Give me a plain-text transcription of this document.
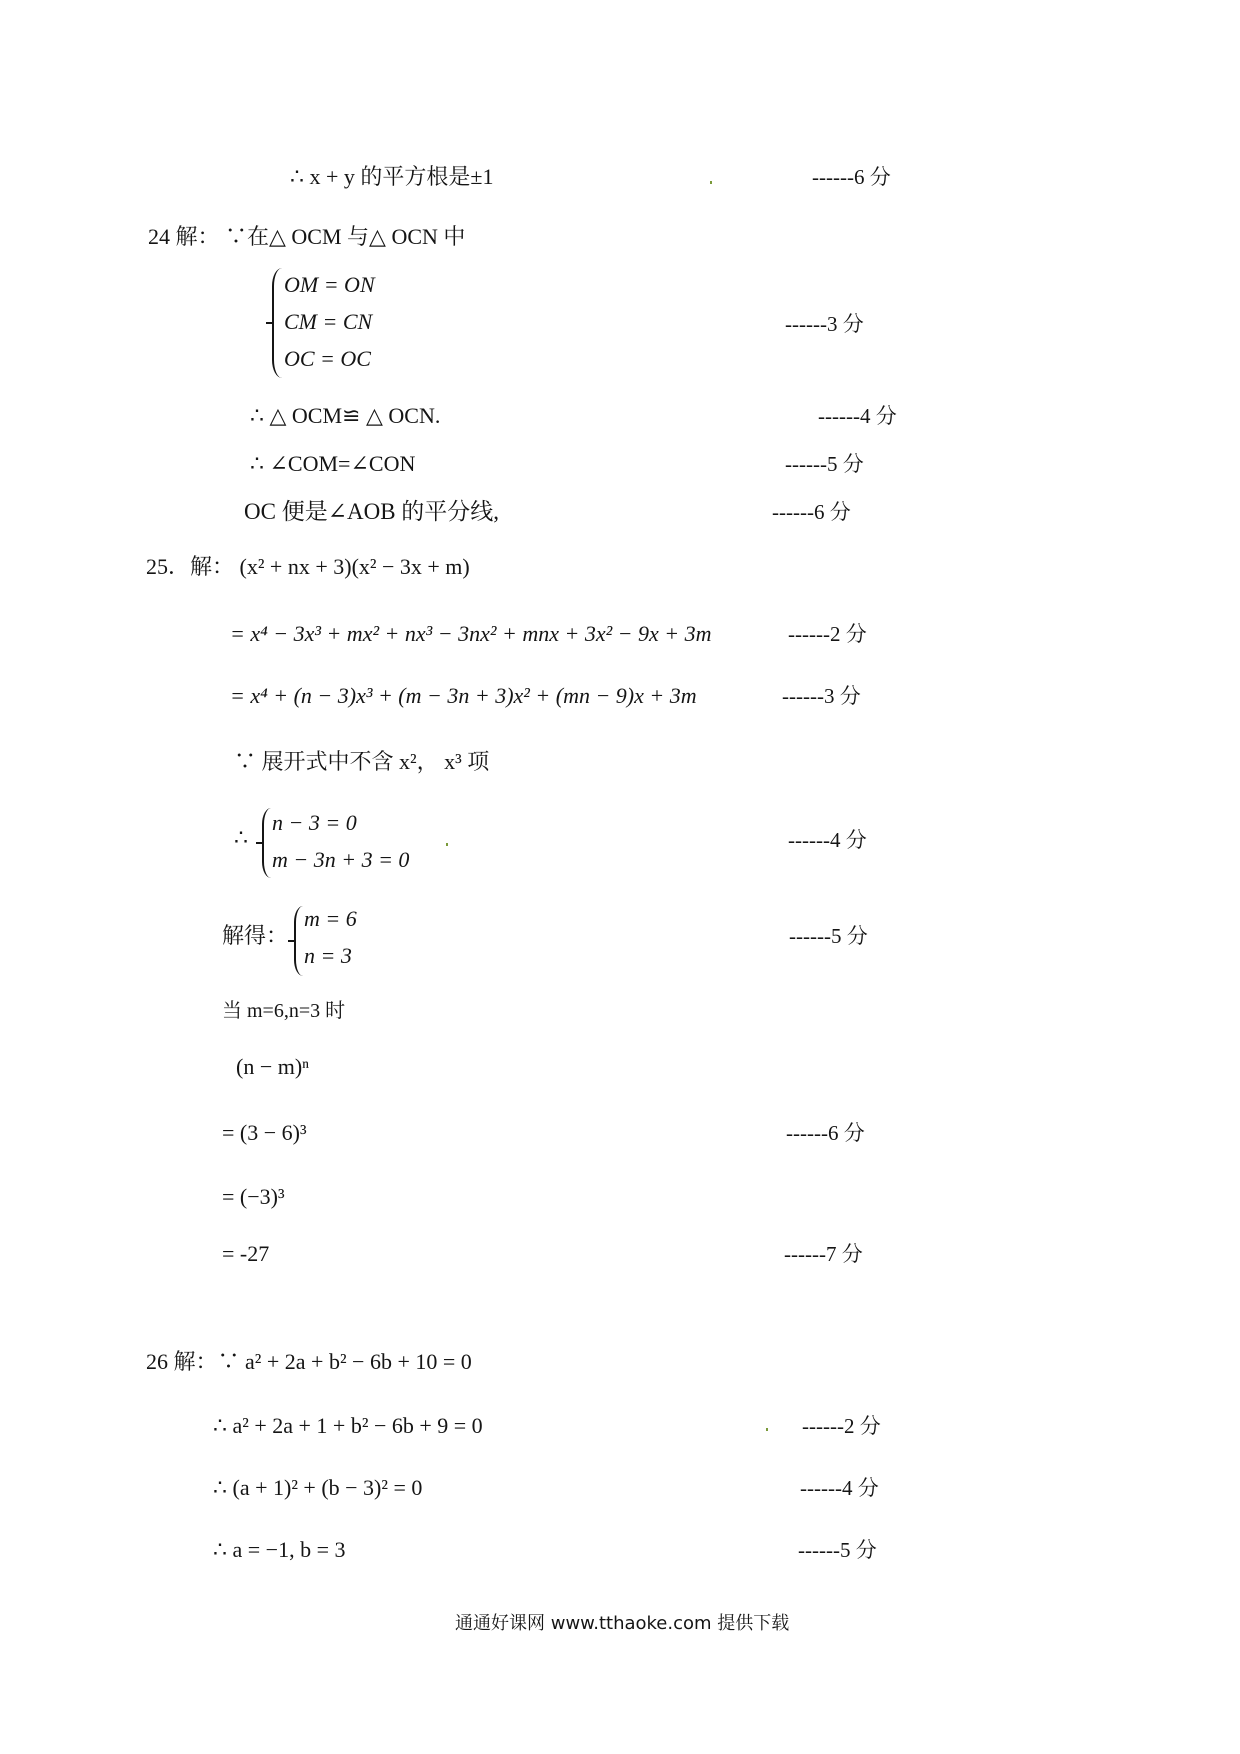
∴ x + y 的平方根是±1	------6 分
24 解： ∵在△ OCM 与△ OCN 中
OM = ON
CM = CN
OC = OC
------3 分
∴ △ OCM≌ △ OCN.	------4 分
∴ ∠COM=∠CON	------5 分
OC 便是∠AOB 的平分线,	------6 分
25．解： (x² + nx + 3)(x² − 3x + m)
= x⁴ − 3x³ + mx² + nx³ − 3nx² + mnx + 3x² − 9x + 3m	------2 分
= x⁴ + (n − 3)x³ + (m − 3n + 3)x² + (mn − 9)x + 3m	------3 分
∵ 展开式中不含 x²， x³ 项
∴
n − 3 = 0
m − 3n + 3 = 0
------4 分
解得：
m = 6
n = 3
------5 分
当 m=6,n=3 时
(n − m)ⁿ
= (3 − 6)³	------6 分
= (−3)³
= -27	------7 分
26 解：∵ a² + 2a + b² − 6b + 10 = 0
∴ a² + 2a + 1 + b² − 6b + 9 = 0	------2 分
∴ (a + 1)² + (b − 3)² = 0	------4 分
∴ a = −1, b = 3	------5 分
通通好课网 www.tthaoke.com 提供下载
